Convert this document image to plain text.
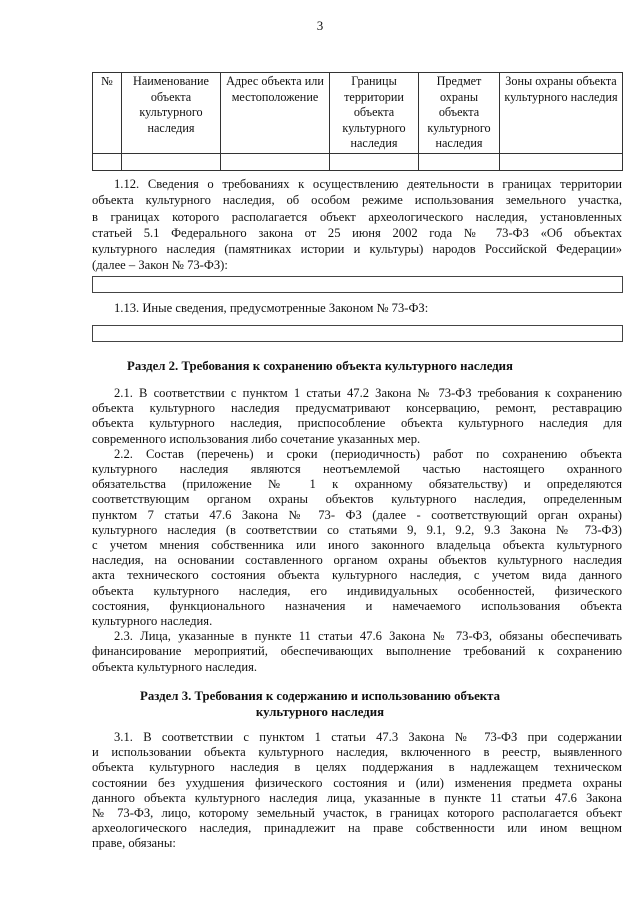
3
№	Наименование объекта культурного наследия	Адрес объекта или местоположение	Границы территории объекта культурного наследия	Предмет охраны объекта культурного наследия	Зоны охраны объекта культурного наследия

1.12. Сведения о требованиях к осуществлению деятельности в границах территории
объекта культурного наследия, об особом режиме использования земельного участка,
в границах которого располагается объект археологического наследия, установленных
статьей 5.1 Федерального закона от 25 июня 2002 года № 73-ФЗ «Об объектах
культурного наследия (памятниках истории и культуры) народов Российской Федерации»
(далее – Закон № 73-ФЗ):
1.13. Иные сведения, предусмотренные Законом № 73-ФЗ:
Раздел 2. Требования к сохранению объекта культурного наследия
2.1. В соответствии с пунктом 1 статьи 47.2 Закона № 73-ФЗ требования к сохранению
объекта культурного наследия предусматривают консервацию, ремонт, реставрацию
объекта культурного наследия, приспособление объекта культурного наследия для
современного использования либо сочетание указанных мер.
2.2. Состав (перечень) и сроки (периодичность) работ по сохранению объекта
культурного наследия являются неотъемлемой частью настоящего охранного
обязательства (приложение № 1 к охранному обязательству) и определяются
соответствующим органом охраны объектов культурного наследия, определенным
пунктом 7 статьи 47.6 Закона № 73- ФЗ (далее - соответствующий орган охраны)
культурного наследия (в соответствии со статьями 9, 9.1, 9.2, 9.3 Закона № 73-ФЗ)
с учетом мнения собственника или иного законного владельца объекта культурного
наследия, на основании составленного органом охраны объектов культурного наследия
акта технического состояния объекта культурного наследия, с учетом вида данного
объекта культурного наследия, его индивидуальных особенностей, физического
состояния, функционального назначения и намечаемого использования объекта
культурного наследия.
2.3. Лица, указанные в пункте 11 статьи 47.6 Закона № 73-ФЗ, обязаны обеспечивать
финансирование мероприятий, обеспечивающих выполнение требований к сохранению
объекта культурного наследия.
Раздел 3. Требования к содержанию и использованию объекта
культурного наследия
3.1. В соответствии с пунктом 1 статьи 47.3 Закона № 73-ФЗ при содержании
и использовании объекта культурного наследия, включенного в реестр, выявленного
объекта культурного наследия в целях поддержания в надлежащем техническом
состоянии без ухудшения физического состояния и (или) изменения предмета охраны
данного объекта культурного наследия лица, указанные в пункте 11 статьи 47.6 Закона
№ 73-ФЗ, лицо, которому земельный участок, в границах которого располагается объект
археологического наследия, принадлежит на праве собственности или ином вещном
праве, обязаны:
